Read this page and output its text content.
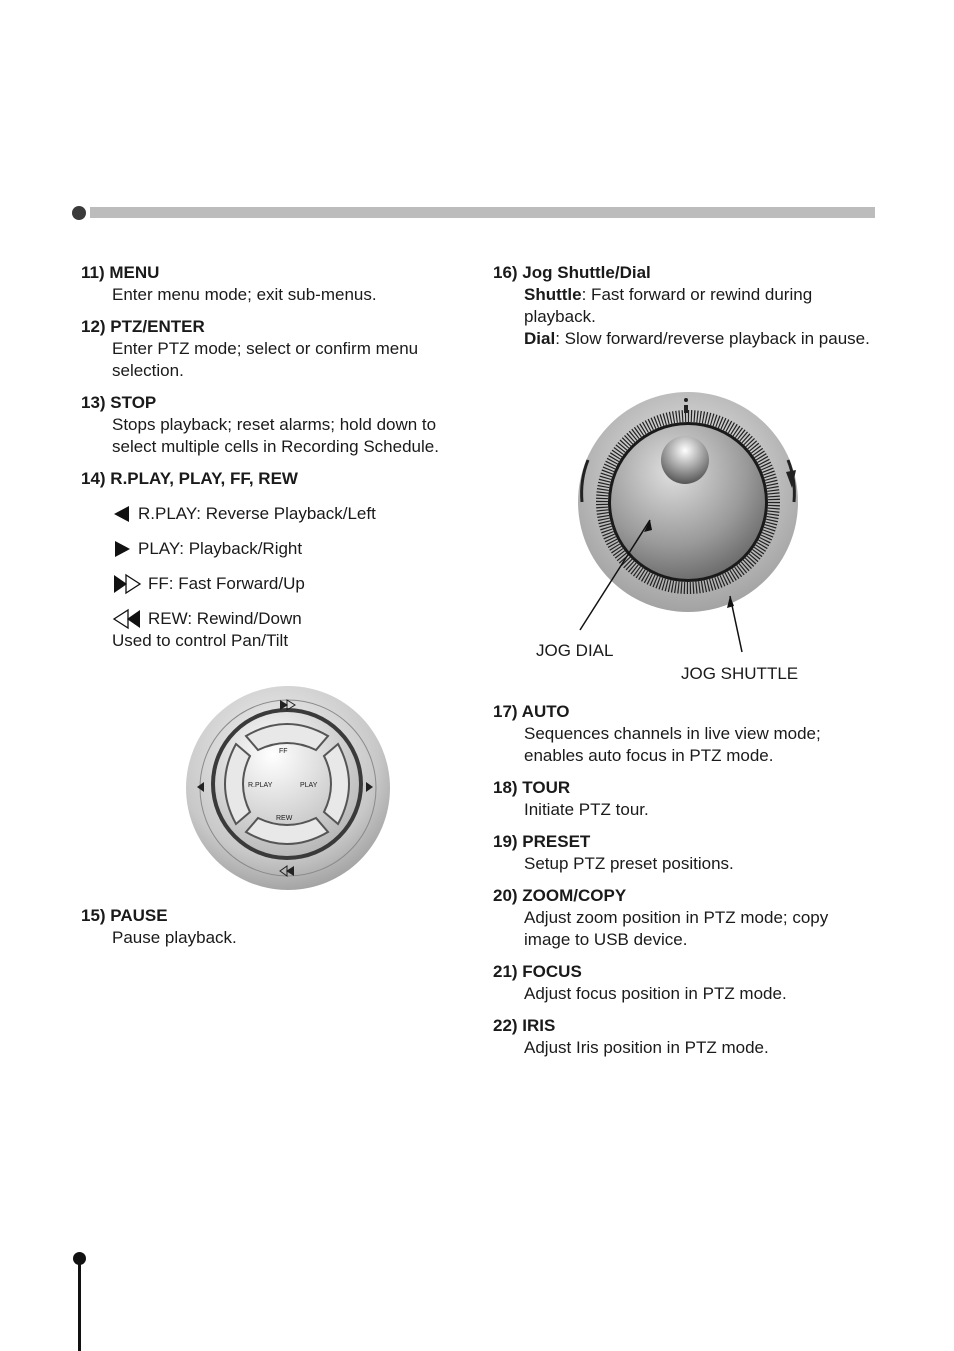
11) MENU
Enter menu mode; exit sub-menus.
12) PTZ/ENTER
Enter PTZ mode; select or confirm menu selection.
13) STOP
Stops playback; reset alarms; hold down to select multiple cells in Recording Schedule.
14) R.PLAY, PLAY, FF, REW
R.PLAY: Reverse Playback/Left
PLAY: Playback/Right
FF: Fast Forward/Up
REW: Rewind/Down
Used to control Pan/Tilt
FF
R.PLAY	PLAY
REW
15) PAUSE
Pause playback.
16) Jog Shuttle/Dial
Shuttle: Fast forward or rewind during playback.
Dial: Slow forward/reverse playback in pause.
JOG DIAL
JOG SHUTTLE
17) AUTO
Sequences channels in live view mode; enables auto focus in PTZ mode.
18) TOUR
Initiate PTZ tour.
19) PRESET
Setup PTZ preset positions.
20) ZOOM/COPY
Adjust zoom position in PTZ mode; copy image to USB device.
21) FOCUS
Adjust focus position in PTZ mode.
22) IRIS
Adjust Iris position in PTZ mode.
